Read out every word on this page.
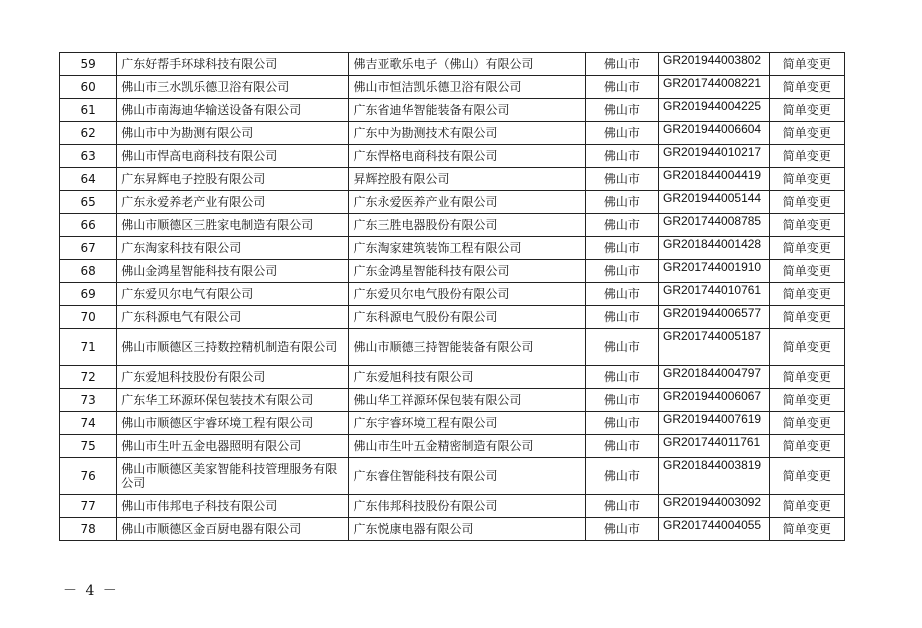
59	广东好帮手环球科技有限公司	佛吉亚歌乐电子（佛山）有限公司	佛山市	GR201944003802	简单变更
60	佛山市三水凯乐德卫浴有限公司	佛山市恒洁凯乐德卫浴有限公司	佛山市	GR201744008221	简单变更
61	佛山市南海迪华输送设备有限公司	广东省迪华智能装备有限公司	佛山市	GR201944004225	简单变更
62	佛山市中为勘测有限公司	广东中为勘测技术有限公司	佛山市	GR201944006604	简单变更
63	佛山市悍高电商科技有限公司	广东悍格电商科技有限公司	佛山市	GR201944010217	简单变更
64	广东昇辉电子控股有限公司	昇辉控股有限公司	佛山市	GR201844004419	简单变更
65	广东永爱养老产业有限公司	广东永爱医养产业有限公司	佛山市	GR201944005144	简单变更
66	佛山市顺德区三胜家电制造有限公司	广东三胜电器股份有限公司	佛山市	GR201744008785	简单变更
67	广东淘家科技有限公司	广东淘家建筑装饰工程有限公司	佛山市	GR201844001428	简单变更
68	佛山金鸿星智能科技有限公司	广东金鸿星智能科技有限公司	佛山市	GR201744001910	简单变更
69	广东爱贝尔电气有限公司	广东爱贝尔电气股份有限公司	佛山市	GR201744010761	简单变更
70	广东科源电气有限公司	广东科源电气股份有限公司	佛山市	GR201944006577	简单变更
71	佛山市顺德区三持数控精机制造有限公司	佛山市顺德三持智能装备有限公司	佛山市	GR201744005187	简单变更
72	广东爱旭科技股份有限公司	广东爱旭科技有限公司	佛山市	GR201844004797	简单变更
73	广东华工环源环保包装技术有限公司	佛山华工祥源环保包装有限公司	佛山市	GR201944006067	简单变更
74	佛山市顺德区宇睿环境工程有限公司	广东宇睿环境工程有限公司	佛山市	GR201944007619	简单变更
75	佛山市生叶五金电器照明有限公司	佛山市生叶五金精密制造有限公司	佛山市	GR201744011761	简单变更
76	佛山市顺德区美家智能科技管理服务有限公司	广东睿住智能科技有限公司	佛山市	GR201844003819	简单变更
77	佛山市伟邦电子科技有限公司	广东伟邦科技股份有限公司	佛山市	GR201944003092	简单变更
78	佛山市顺德区金百厨电器有限公司	广东悦康电器有限公司	佛山市	GR201744004055	简单变更
－ 4 －
